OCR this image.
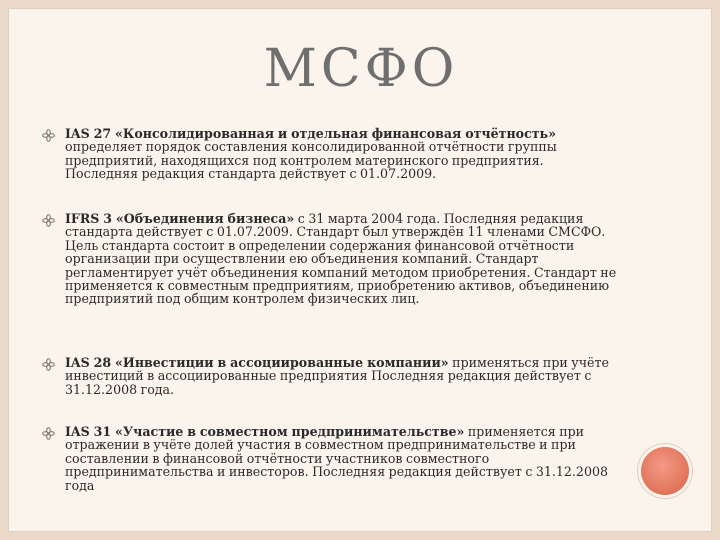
МСФО
IAS 27 «Консолидированная и отдельная финансовая отчётность» определяет порядок составления консолидированной отчётности группы предприятий, находящихся под контролем материнского предприятия. Последняя редакция стандарта действует с 01.07.2009.
IFRS 3 «Объединения бизнеса» с 31 марта 2004 года. Последняя редакция стандарта действует с 01.07.2009. Стандарт был утверждён 11 членами СМСФО. Цель стандарта состоит в определении содержания финансовой отчётности организации при осуществлении ею объединения компаний. Стандарт регламентирует учёт объединения компаний методом приобретения. Стандарт не применяется к совместным предприятиям, приобретению активов, объединению предприятий под общим контролем физических лиц.
IAS 28 «Инвестиции в ассоциированные компании» применяться при учёте инвестиций в ассоциированные предприятия Последняя редакция действует с 31.12.2008 года.
IAS 31 «Участие в совместном предпринимательстве» применяется при отражении в учёте долей участия в совместном предпринимательстве и при составлении в финансовой отчётности участников совместного предпринимательства и инвесторов. Последняя редакция действует с 31.12.2008 года
